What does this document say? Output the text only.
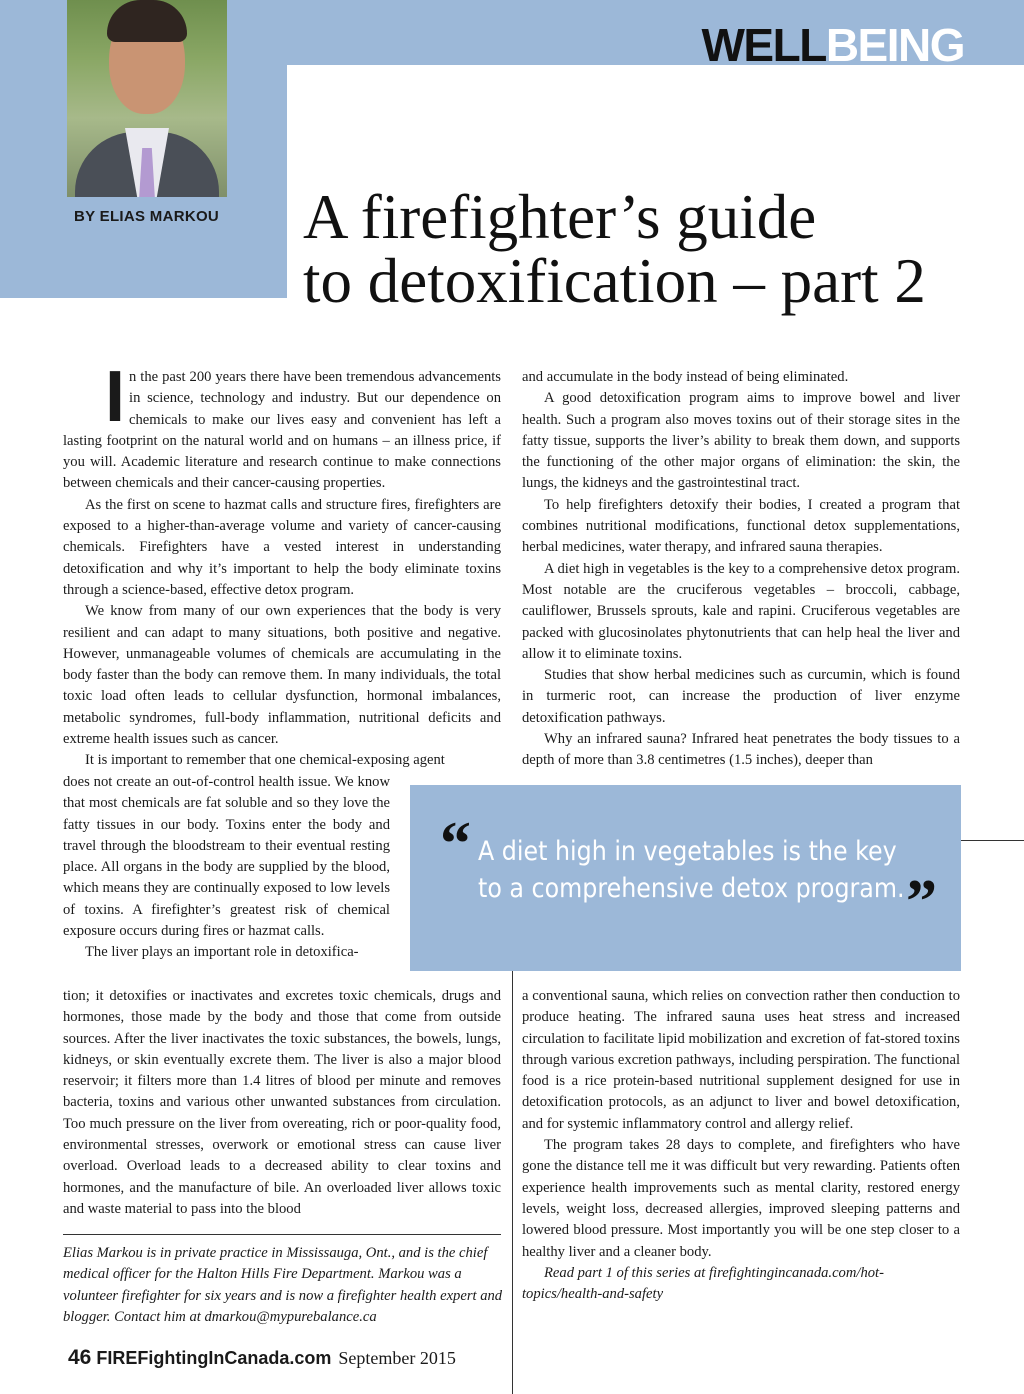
BY ELIAS MARKOU
WELLBEING
A firefighter’s guide
to detoxification – part 2

In the past 200 years there have been tremendous advancements in science, technology and industry. But our dependence on chemicals to make our lives easy and convenient has left a lasting footprint on the natural world and on humans – an illness price, if you will. Academic literature and research continue to make connections between chemicals and their cancer-causing properties.

As the first on scene to hazmat calls and structure fires, firefighters are exposed to a higher-than-average volume and variety of cancer-causing chemicals. Firefighters have a vested interest in understanding detoxification and why it’s important to help the body eliminate toxins through a science-based, effective detox program.

We know from many of our own experiences that the body is very resilient and can adapt to many situations, both positive and negative. However, unmanageable volumes of chemicals are accumulating in the body faster than the body can remove them. In many individuals, the total toxic load often leads to cellular dysfunction, hormonal imbalances, metabolic syndromes, full-body inflammation, nutritional deficits and extreme health issues such as cancer.

It is important to remember that one chemical-exposing agent

does not create an out-of-control health issue. We know that most chemicals are fat soluble and so they love the fatty tissues in our body. Toxins enter the body and travel through the bloodstream to their eventual resting place. All organs in the body are supplied by the blood, which means they are continually exposed to low levels of toxins. A firefighter’s greatest risk of chemical exposure occurs during fires or hazmat calls.

The liver plays an important role in detoxifica-

tion; it detoxifies or inactivates and excretes toxic chemicals, drugs and hormones, those made by the body and those that come from outside sources. After the liver inactivates the toxic substances, the bowels, lungs, kidneys, or skin eventually excrete them. The liver is also a major blood reservoir; it filters more than 1.4 litres of blood per minute and removes bacteria, toxins and various other unwanted substances from circulation. Too much pressure on the liver from overeating, rich or poor-quality food, environmental stresses, overwork or emotional stress can cause liver overload. Overload leads to a decreased ability to clear toxins and hormones, and the manufacture of bile. An overloaded liver allows toxic and waste material to pass into the blood

and accumulate in the body instead of being eliminated.

A good detoxification program aims to improve bowel and liver health. Such a program also moves toxins out of their storage sites in the fatty tissue, supports the liver’s ability to break them down, and supports the functioning of the other major organs of elimination: the skin, the lungs, the kidneys and the gastrointestinal tract.

To help firefighters detoxify their bodies, I created a program that combines nutritional modifications, functional detox supplementations, herbal medicines, water therapy, and infrared sauna therapies.

A diet high in vegetables is the key to a comprehensive detox program. Most notable are the cruciferous vegetables – broccoli, cabbage, cauliflower, Brussels sprouts, kale and rapini. Cruciferous vegetables are packed with glucosinolates phytonutrients that can help heal the liver and allow it to eliminate toxins.

Studies that show herbal medicines such as curcumin, which is found in turmeric root, can increase the production of liver enzyme detoxification pathways.

Why an infrared sauna? Infrared heat penetrates the body tissues to a depth of more than 3.8 centimetres (1.5 inches), deeper than

a conventional sauna, which relies on convection rather then conduction to produce heating. The infrared sauna uses heat stress and increased circulation to facilitate lipid mobilization and excretion of fat-stored toxins through various excretion pathways, including perspiration. The functional food is a rice protein-based nutritional supplement designed for use in detoxification protocols, as an adjunct to liver and bowel detoxification, and for systemic inflammatory control and allergy relief.

The program takes 28 days to complete, and firefighters who have gone the distance tell me it was difficult but very rewarding. Patients often experience health improvements such as mental clarity, restored energy levels, weight loss, decreased allergies, improved sleeping patterns and lowered blood pressure. Most importantly you will be one step closer to a healthy liver and a cleaner body.

Read part 1 of this series at firefightingincanada.com/hot-topics/health-and-safety

“ A diet high in vegetables is the key
to a comprehensive detox program. ”

Elias Markou is in private practice in Mississauga, Ont., and is the chief medical officer for the Halton Hills Fire Department. Markou was a volunteer firefighter for six years and is now a firefighter health expert and blogger. Contact him at dmarkou@mypurebalance.ca

46 FIREFightingInCanada.com September 2015
